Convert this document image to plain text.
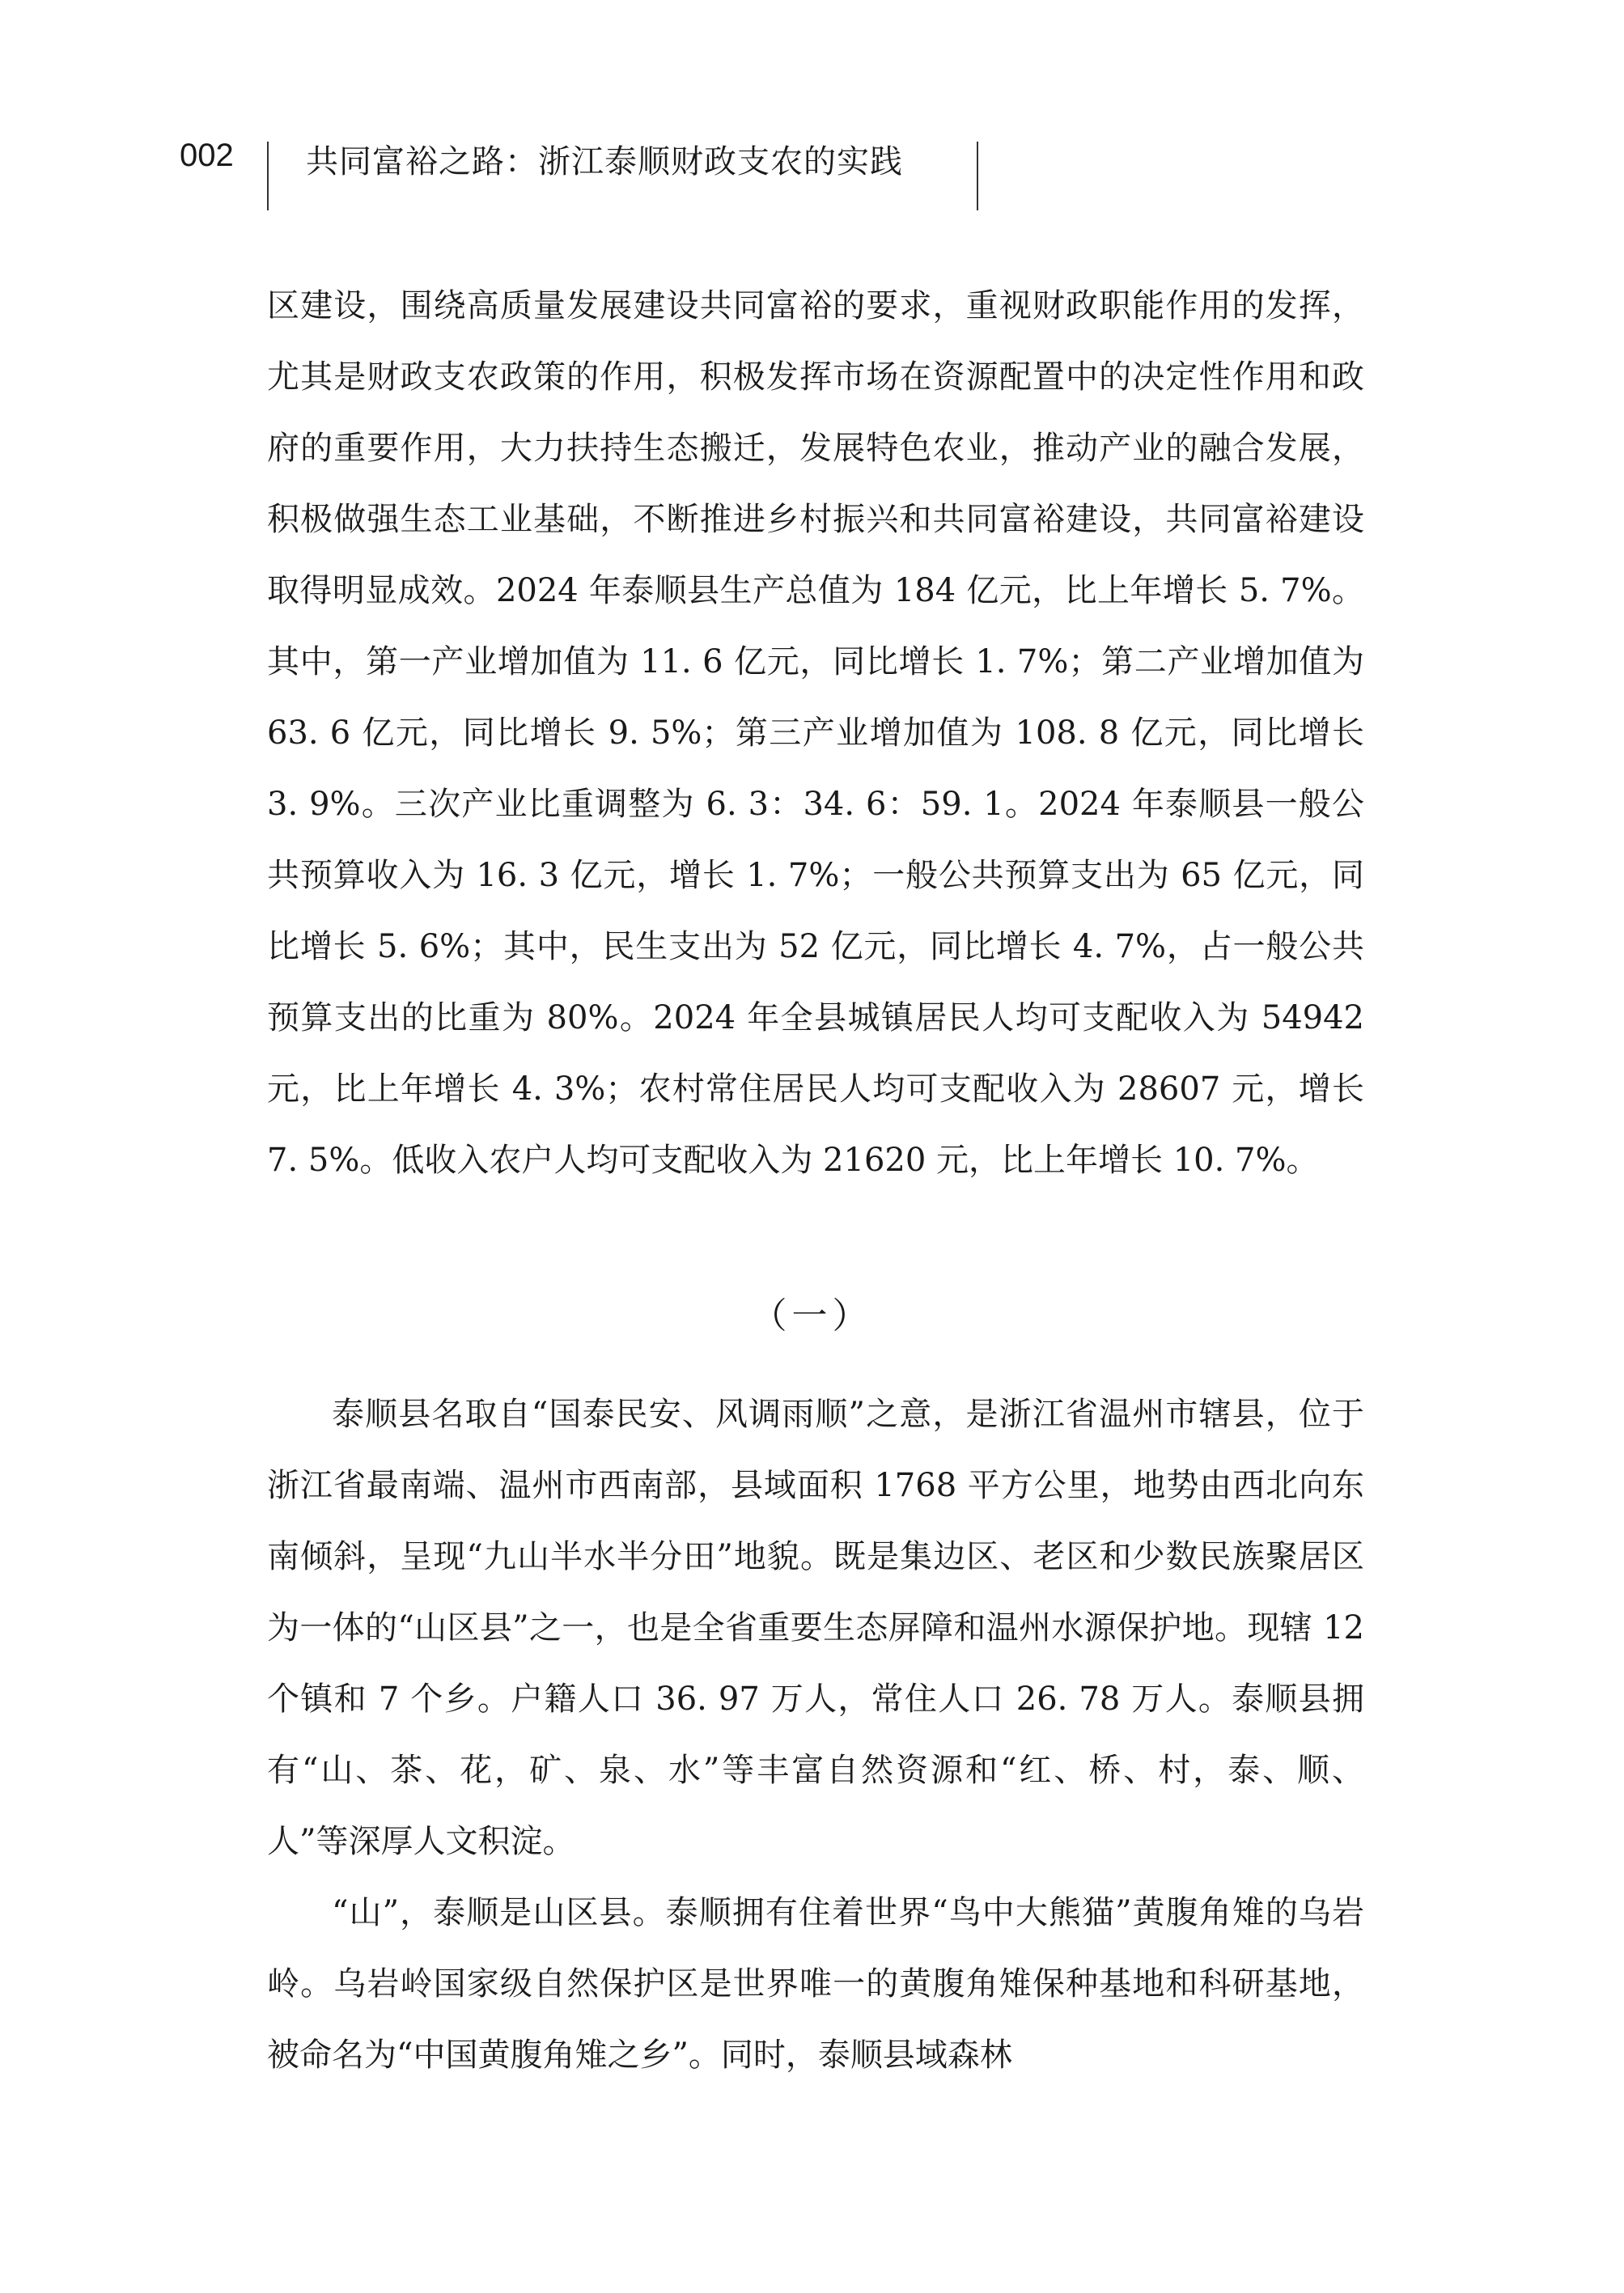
002 共同富裕之路：浙江泰顺财政支农的实践

区建设，围绕高质量发展建设共同富裕的要求，重视财政职能作用的发挥，尤其是财政支农政策的作用，积极发挥市场在资源配置中的决定性作用和政府的重要作用，大力扶持生态搬迁，发展特色农业，推动产业的融合发展，积极做强生态工业基础，不断推进乡村振兴和共同富裕建设，共同富裕建设取得明显成效。2024 年泰顺县生产总值为 184 亿元，比上年增长 5. 7%。其中，第一产业增加值为 11. 6 亿元，同比增长 1. 7%；第二产业增加值为 63. 6 亿元，同比增长 9. 5%；第三产业增加值为 108. 8 亿元，同比增长 3. 9%。三次产业比重调整为 6. 3：34. 6：59. 1。2024 年泰顺县一般公共预算收入为 16. 3 亿元，增长 1. 7%；一般公共预算支出为 65 亿元，同比增长 5. 6%；其中，民生支出为 52 亿元，同比增长 4. 7%，占一般公共预算支出的比重为 80%。2024 年全县城镇居民人均可支配收入为 54942 元，比上年增长 4. 3%；农村常住居民人均可支配收入为 28607 元，增长 7. 5%。低收入农户人均可支配收入为 21620 元，比上年增长 10. 7%。

（一）

泰顺县名取自“国泰民安、风调雨顺”之意，是浙江省温州市辖县，位于浙江省最南端、温州市西南部，县域面积 1768 平方公里，地势由西北向东南倾斜，呈现“九山半水半分田”地貌。既是集边区、老区和少数民族聚居区为一体的“山区县”之一，也是全省重要生态屏障和温州水源保护地。现辖 12 个镇和 7 个乡。户籍人口 36. 97 万人，常住人口 26. 78 万人。泰顺县拥有“山、茶、花，矿、泉、水”等丰富自然资源和“红、桥、村，泰、顺、人”等深厚人文积淀。

“山”，泰顺是山区县。泰顺拥有住着世界“鸟中大熊猫”黄腹角雉的乌岩岭。乌岩岭国家级自然保护区是世界唯一的黄腹角雉保种基地和科研基地，被命名为“中国黄腹角雉之乡”。同时，泰顺县域森林
